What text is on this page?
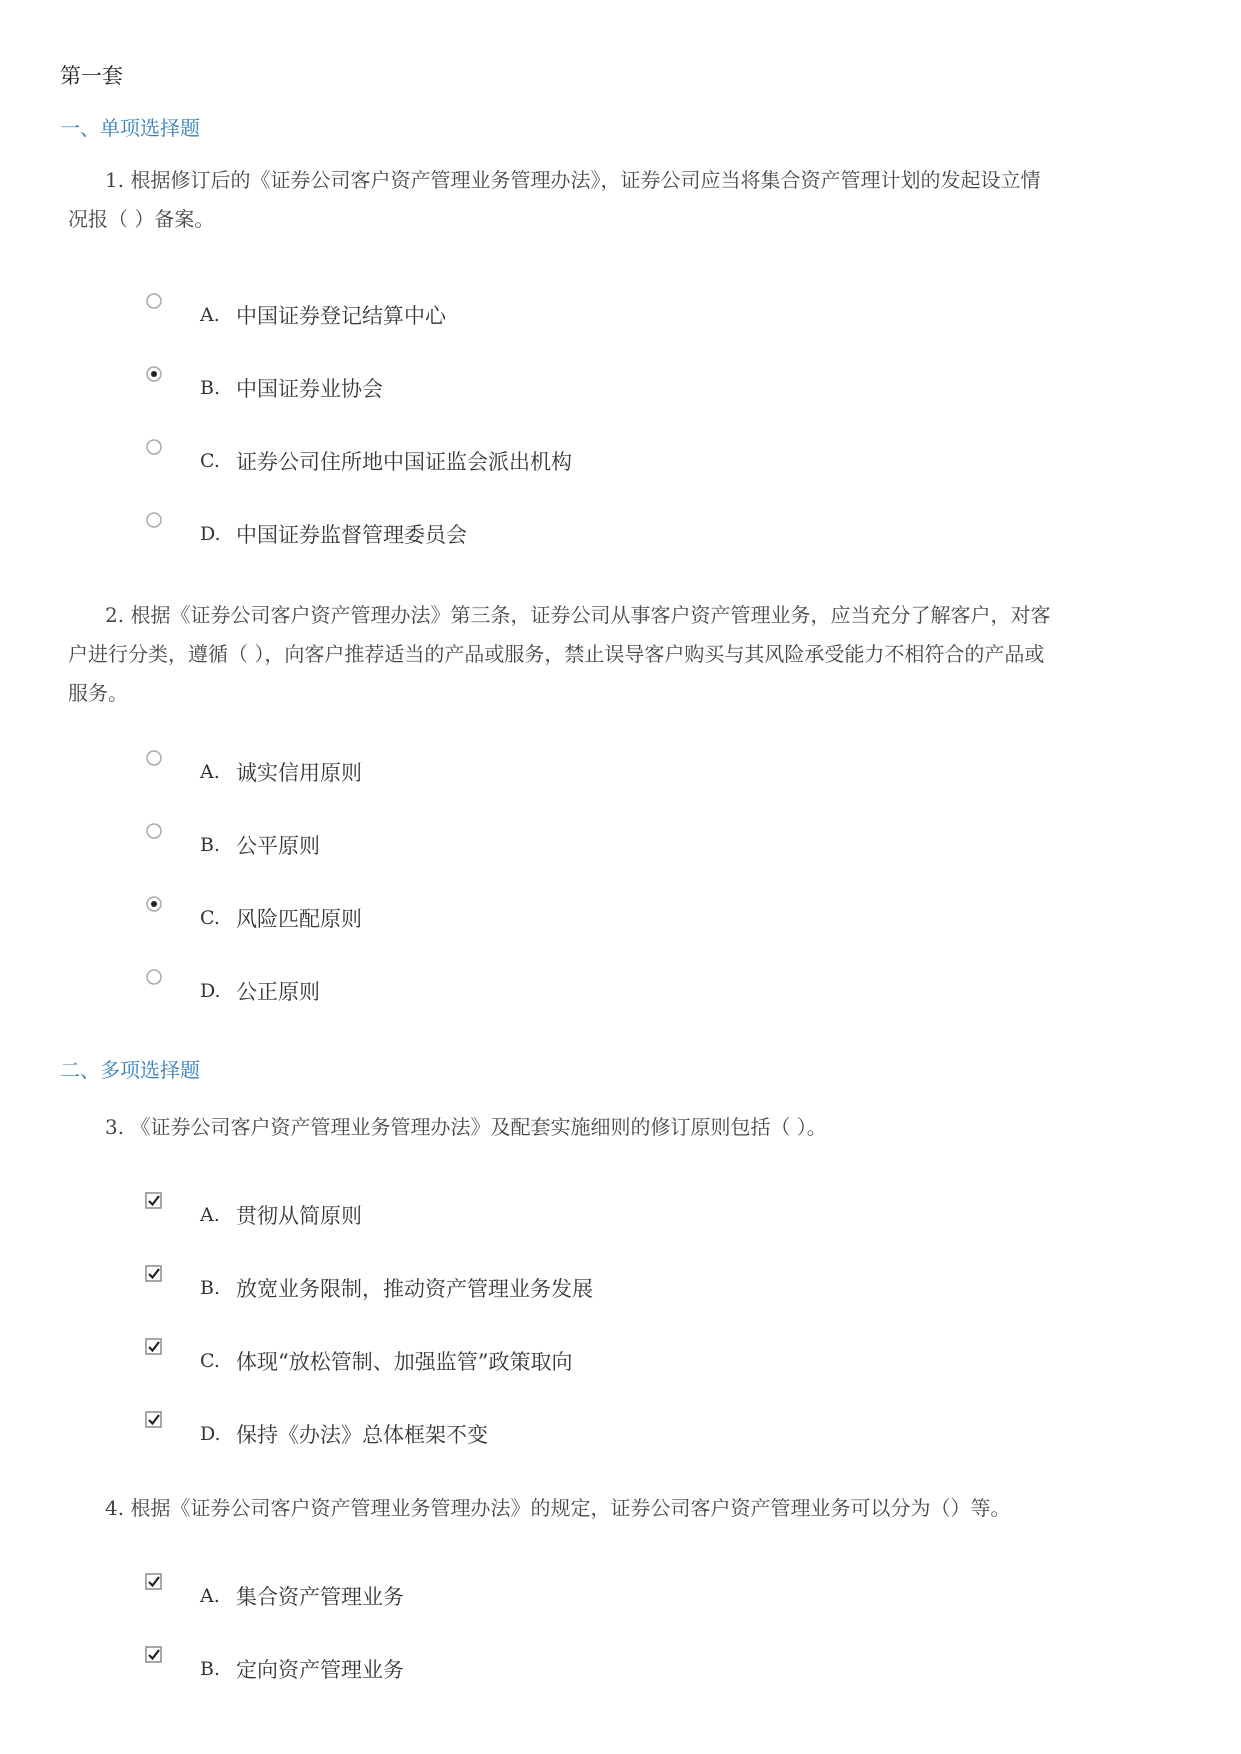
第一套
一、单项选择题
1. 根据修订后的《证券公司客户资产管理业务管理办法》，证券公司应当将集合资产管理计划的发起设立情
况报（ ）备案。
A. 中国证券登记结算中心
B. 中国证券业协会
C. 证券公司住所地中国证监会派出机构
D. 中国证券监督管理委员会
2. 根据《证券公司客户资产管理办法》第三条，证券公司从事客户资产管理业务，应当充分了解客户，对客
户进行分类，遵循（ ），向客户推荐适当的产品或服务，禁止误导客户购买与其风险承受能力不相符合的产品或
服务。
A. 诚实信用原则
B. 公平原则
C. 风险匹配原则
D. 公正原则
二、多项选择题
3. 《证券公司客户资产管理业务管理办法》及配套实施细则的修订原则包括（ ）。
A. 贯彻从简原则
B. 放宽业务限制，推动资产管理业务发展
C. 体现“放松管制、加强监管”政策取向
D. 保持《办法》总体框架不变
4. 根据《证券公司客户资产管理业务管理办法》的规定，证券公司客户资产管理业务可以分为（）等。
A. 集合资产管理业务
B. 定向资产管理业务
